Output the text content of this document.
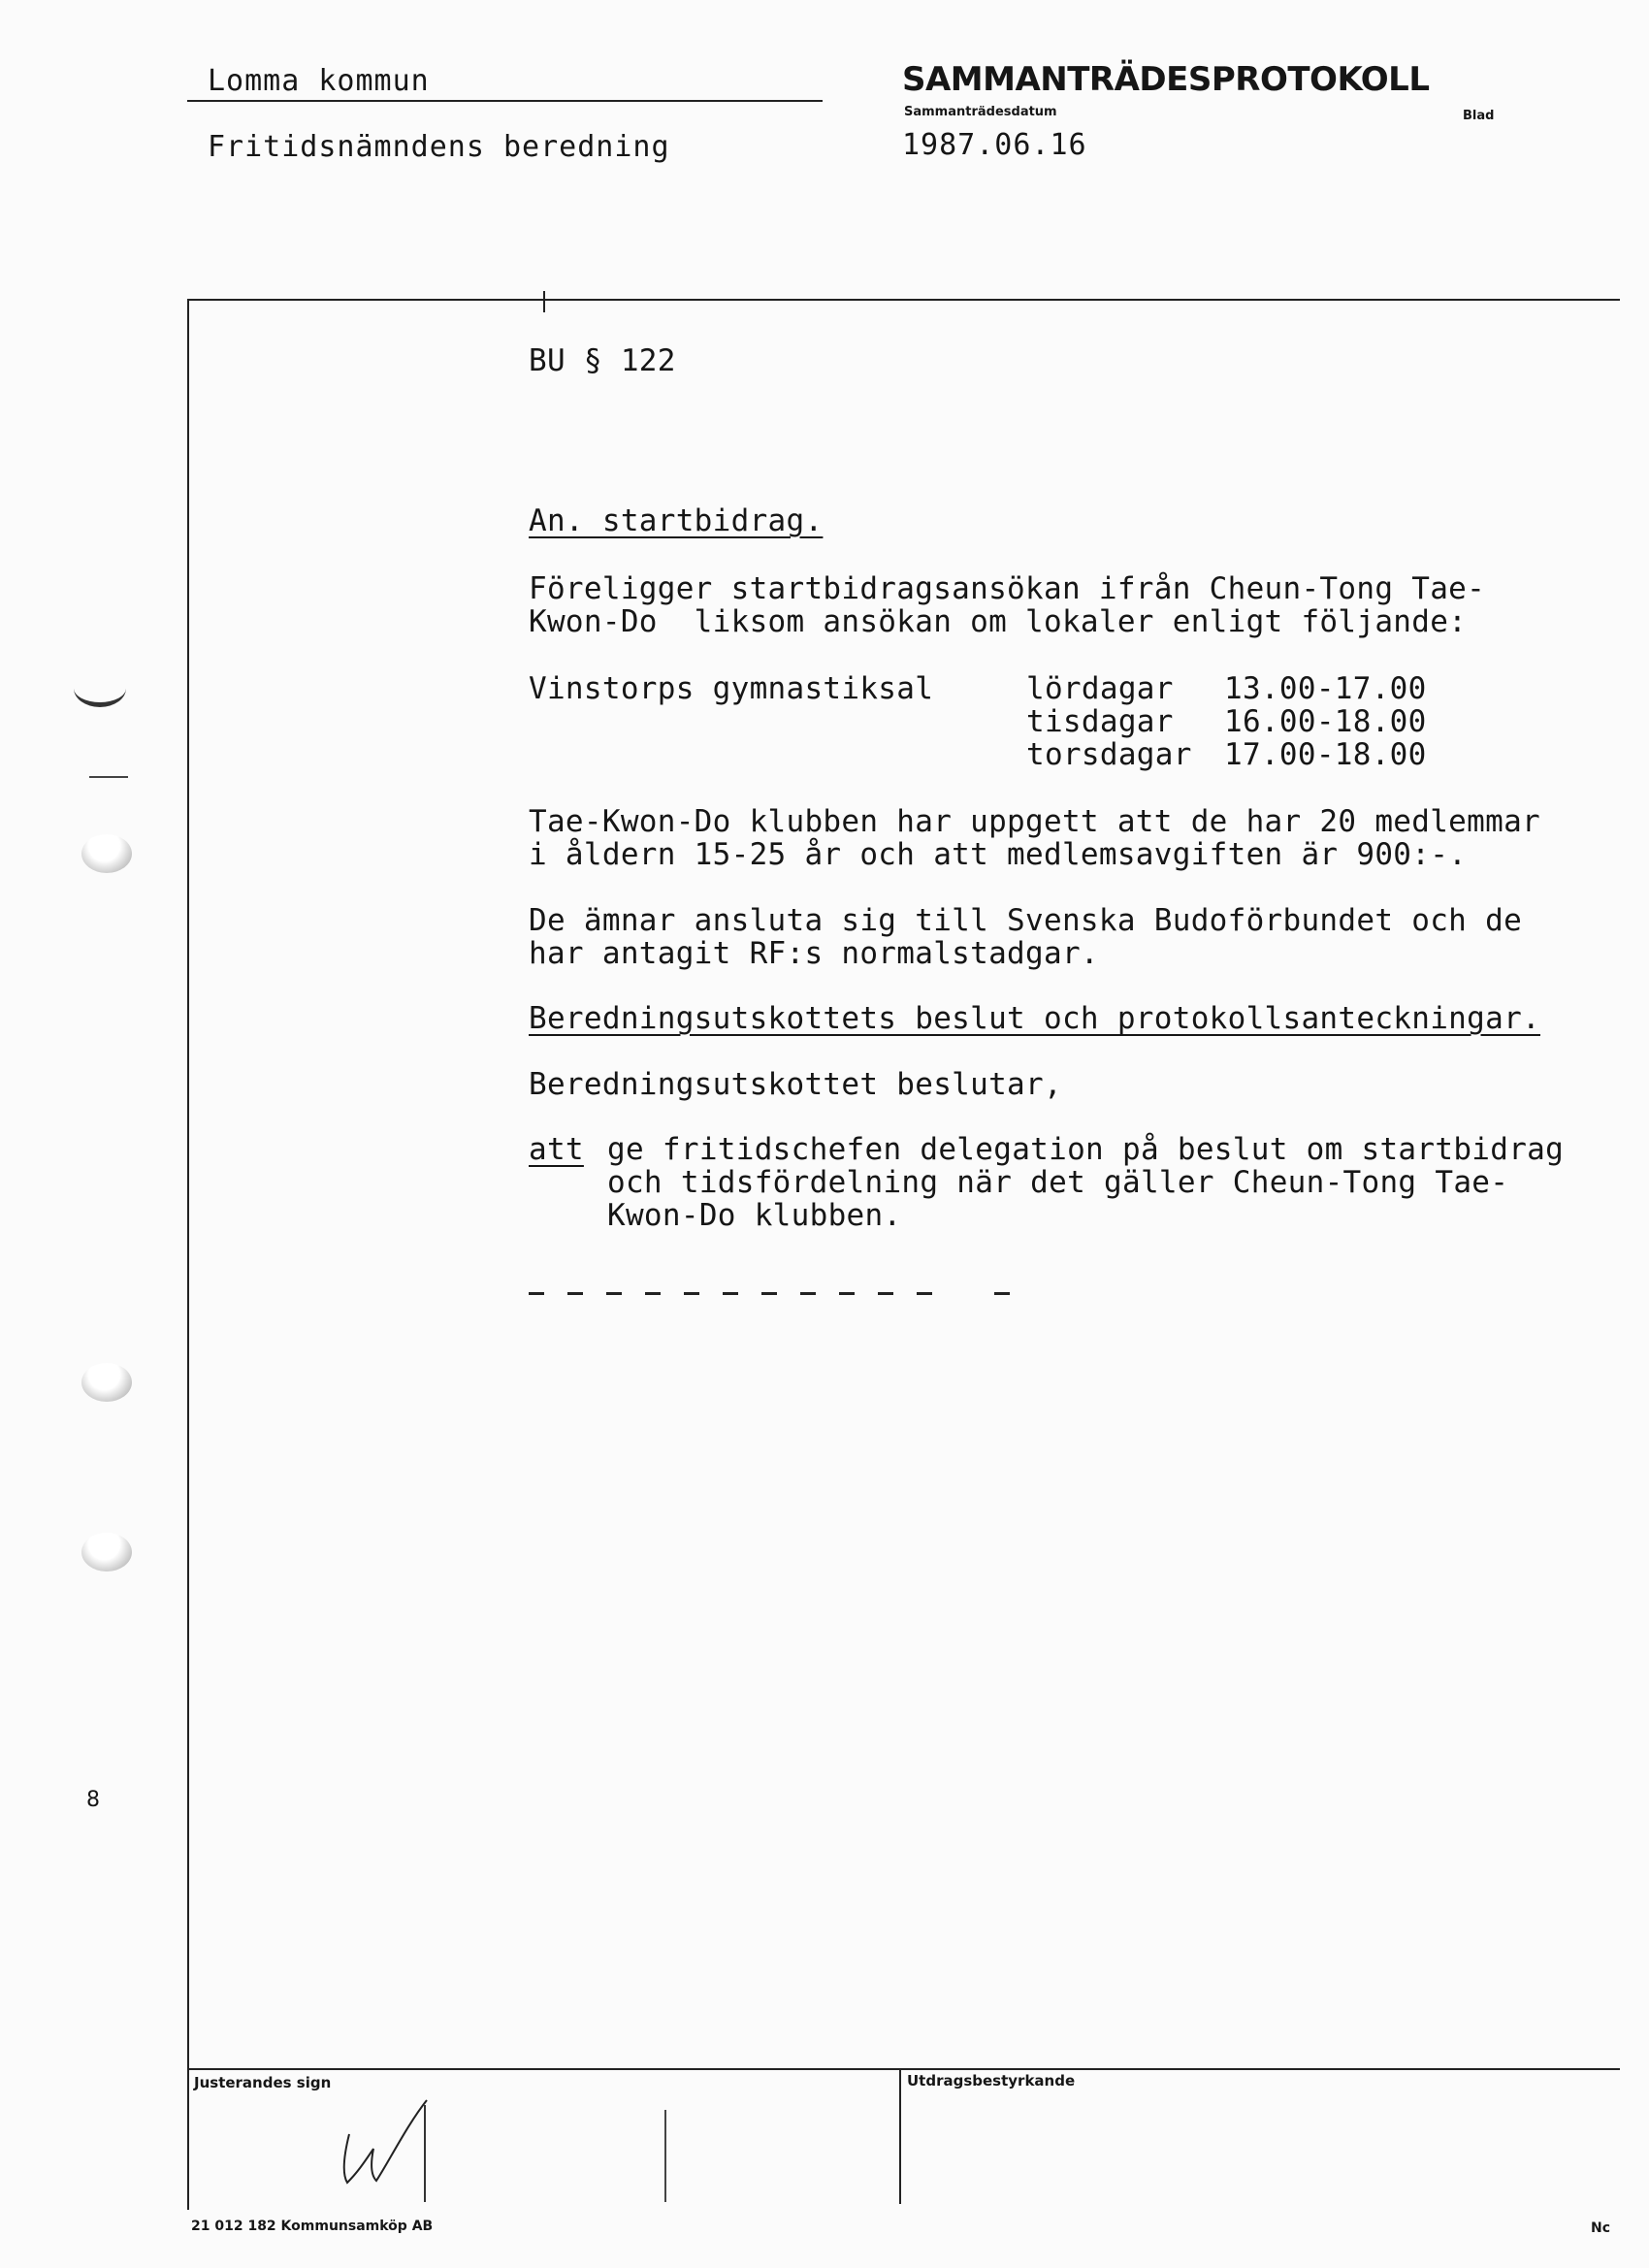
Lomma kommun
Fritidsnämndens beredning
SAMMANTRÄDESPROTOKOLL
Sammanträdesdatum	Blad
1987.06.16
BU § 122
An. startbidrag.
Föreligger startbidragsansökan ifrån Cheun-Tong Tae-
Kwon-Do  liksom ansökan om lokaler enligt följande:
Vinstorps gymnastiksal	lördagar 13.00-17.00
tisdagar 16.00-18.00
torsdagar 17.00-18.00
Tae-Kwon-Do klubben har uppgett att de har 20 medlemmar
i åldern 15-25 år och att medlemsavgiften är 900:-.
De ämnar ansluta sig till Svenska Budoförbundet och de
har antagit RF:s normalstadgar.
Beredningsutskottets beslut och protokollsanteckningar.
Beredningsutskottet beslutar,
att ge fritidschefen delegation på beslut om startbidrag
och tidsfördelning när det gäller Cheun-Tong Tae-
Kwon-Do klubben.
8
Justerandes sign	Utdragsbestyrkande
21 012 182 Kommunsamköp AB	Nc
